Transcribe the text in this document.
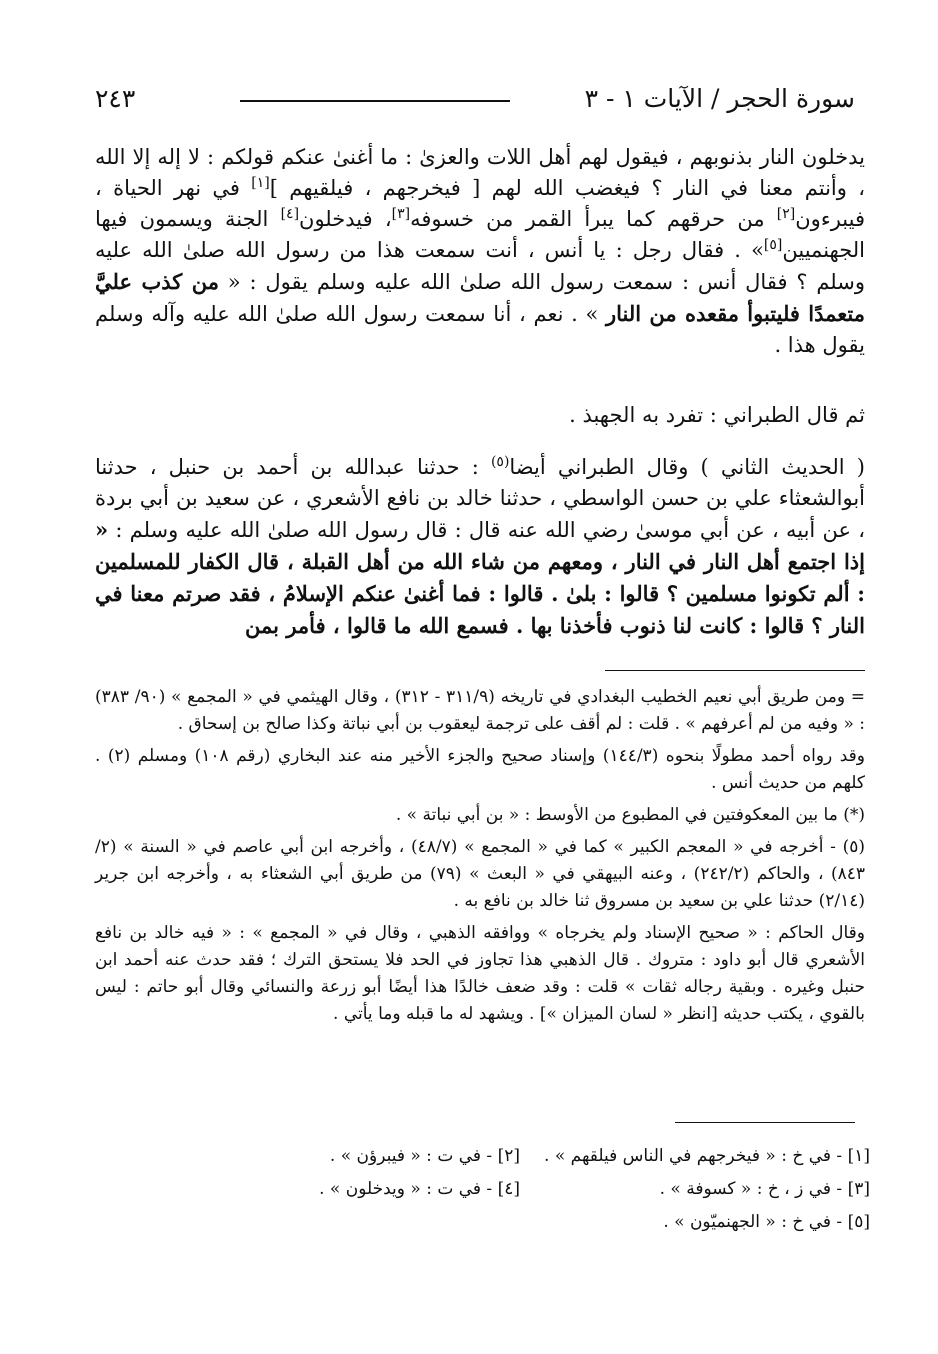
سورة الحجر / الآيات ١ - ٣
٢٤٣

يدخلون النار بذنوبهم ، فيقول لهم أهل اللات والعزىٰ : ما أغنىٰ عنكم قولكم : لا إله إلا الله ، وأنتم معنا في النار ؟ فيغضب الله لهم [ فيخرجهم ، فيلقيهم ][١] في نهر الحياة ، فيبرءون[٢] من حرقهم كما يبرأ القمر من خسوفه[٣]، فيدخلون[٤] الجنة ويسمون فيها الجهنميين[٥]» . فقال رجل : يا أنس ، أنت سمعت هذا من رسول الله صلىٰ الله عليه وسلم ؟ فقال أنس : سمعت رسول الله صلىٰ الله عليه وسلم يقول : « من كذب عليَّ متعمدًا فليتبوأ مقعده من النار » . نعم ، أنا سمعت رسول الله صلىٰ الله عليه وآله وسلم يقول هذا .

ثم قال الطبراني : تفرد به الجهبذ .

( الحديث الثاني ) وقال الطبراني أيضا$^{(٥)}$ : حدثنا عبدالله بن أحمد بن حنبل ، حدثنا أبوالشعثاء علي بن حسن الواسطي ، حدثنا خالد بن نافع الأشعري ، عن سعيد بن أبي بردة ، عن أبيه ، عن أبي موسىٰ رضي الله عنه قال : قال رسول الله صلىٰ الله عليه وسلم : « إذا اجتمع أهل النار في النار ، ومعهم من شاء الله من أهل القبلة ، قال الكفار للمسلمين : ألم تكونوا مسلمين ؟ قالوا : بلىٰ . قالوا : فما أغنىٰ عنكم الإسلامُ ، فقد صرتم معنا في النار ؟ قالوا : كانت لنا ذنوب فأخذنا بها . فسمع الله ما قالوا ، فأمر بمن

= ومن طريق أبي نعيم الخطيب البغدادي في تاريخه (٣١١/٩ - ٣١٢) ، وقال الهيثمي في « المجمع » (٩٠/ ٣٨٣) : « وفيه من لم أعرفهم » . قلت : لم أقف على ترجمة ليعقوب بن أبي نباتة وكذا صالح بن إسحاق .

وقد رواه أحمد مطولًا بنحوه (١٤٤/٣) وإسناد صحيح والجزء الأخير منه عند البخاري (رقم ١٠٨) ومسلم (٢) . كلهم من حديث أنس .

(*) ما بين المعكوفتين في المطبوع من الأوسط : « بن أبي نباتة » .

(٥) - أخرجه في « المعجم الكبير » كما في « المجمع » (٤٨/٧) ، وأخرجه ابن أبي عاصم في « السنة » (٢/ ٨٤٣) ، والحاكم (٢٤٢/٢) ، وعنه البيهقي في « البعث » (٧٩) من طريق أبي الشعثاء به ، وأخرجه ابن جرير (٢/١٤) حدثنا علي بن سعيد بن مسروق ثنا خالد بن نافع به .

وقال الحاكم : « صحيح الإسناد ولم يخرجاه » ووافقه الذهبي ، وقال في « المجمع » : « فيه خالد بن نافع الأشعري قال أبو داود : متروك . قال الذهبي هذا تجاوز في الحد فلا يستحق الترك ؛ فقد حدث عنه أحمد ابن حنبل وغيره . وبقية رجاله ثقات » قلت : وقد ضعف خالدًا هذا أيضًا أبو زرعة والنسائي وقال أبو حاتم : ليس بالقوي ، يكتب حديثه [انظر « لسان الميزان »] . ويشهد له ما قبله وما يأتي .

[١] - في خ : « فيخرجهم في الناس فيلقهم » .
[٢] - في ت : « فيبرؤن » .
[٣] - في ز ، خ : « كسوفة » .
[٤] - في ت : « ويدخلون » .
[٥] - في خ : « الجهنميّون » .
